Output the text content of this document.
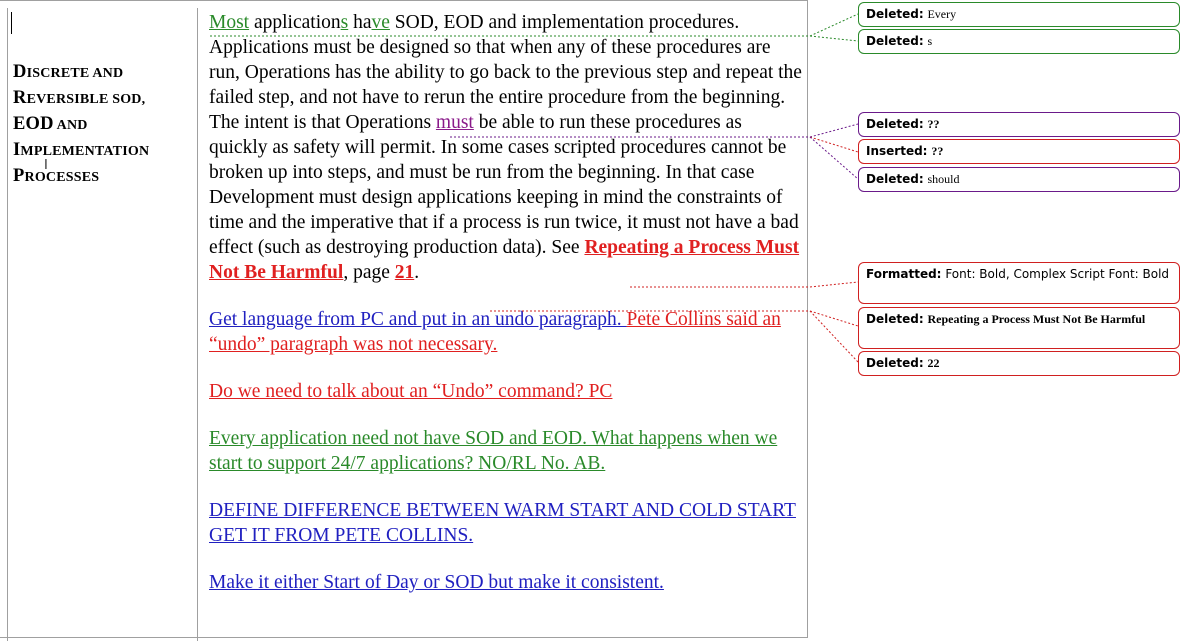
DISCRETE AND
REVERSIBLE SOD,
EOD AND
IMPLEMENTATION
PROCESSES
I

Most applications have SOD, EOD and implementation procedures. Applications must be designed so that when any of these procedures are run, Operations has the ability to go back to the previous step and repeat the failed step, and not have to rerun the entire procedure from the beginning. The intent is that Operations must be able to run these procedures as quickly as safety will permit. In some cases scripted procedures cannot be broken up into steps, and must be run from the beginning. In that case Development must design applications keeping in mind the constraints of time and the imperative that if a process is run twice, it must not have a bad effect (such as destroying production data). See Repeating a Process Must Not Be Harmful, page 21.

Get language from PC and put in an undo paragraph. Pete Collins said an “undo” paragraph was not necessary.

Do we need to talk about an “Undo” command? PC

Every application need not have SOD and EOD. What happens when we start to support 24/7 applications? NO/RL No. AB.

DEFINE DIFFERENCE BETWEEN WARM START AND COLD START GET IT FROM PETE COLLINS.

Make it either Start of Day or SOD but make it consistent.

Deleted: Every
Deleted: s
Deleted: ??
Inserted: ??
Deleted: should
Formatted: Font: Bold, Complex Script Font: Bold
Deleted: Repeating a Process Must Not Be Harmful
Deleted: 22
